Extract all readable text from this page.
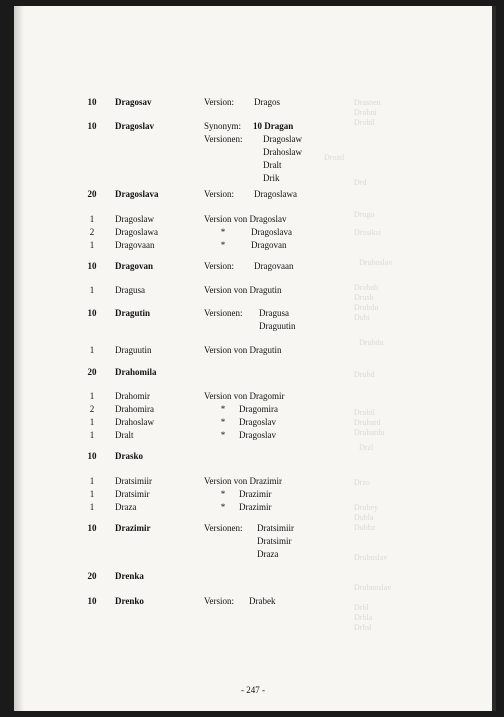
Drasnen
Drobni
Drobil
Drozd
Drd
Drugo
Drosiksi
Druboslav
Drobah
Drusb
Drubdn
Dubi
Drubdu
Drubd
Drobil
Drubard
Drubardu
Drzl
Drzo
Drubey
Dubla
Dubbz
Druboslav
Drubnoslav
Drbl
Drbla
Drbsl
10	Dragosav	Version: Dragos
10	Dragoslav	Synonym: 10 Dragan
Versionen: Dragoslaw
Drahoslaw
Dralt
Drik
20	Dragoslava	Version: Dragoslawa
1	Dragoslaw	Version von Dragoslav
2	Dragoslawa	*	Dragoslava
1	Dragovaan	*	Dragovan
10	Dragovan	Version: Dragovaan
1	Dragusa	Version von Dragutin
10	Dragutin	Versionen: Dragusa
Draguutin
1	Draguutin	Version von Dragutin
20	Drahomila
1	Drahomir	Version von Dragomir
2	Drahomira	*	Dragomira
1	Drahoslaw	*	Dragoslav
1	Dralt	*	Dragoslav
10	Drasko
1	Dratsimiir	Version von Drazimir
1	Dratsimir	*	Drazimir
1	Draza	*	Drazimir
10	Drazimir	Versionen: Dratsimiir
Dratsimir
Draza
20	Drenka
10	Drenko	Version: Drabek
- 247 -
